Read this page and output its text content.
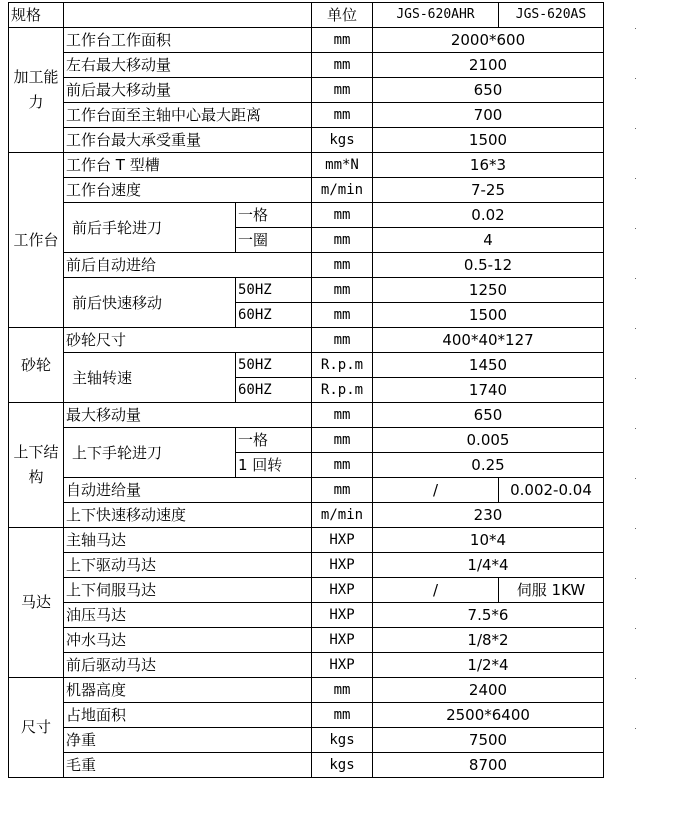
规格			单位	JGS-620AHR	JGS-620AS
加工能力	工作台工作面积		mm	2000*600	
	左右最大移动量		mm	2100	
	前后最大移动量		mm	650	
	工作台面至主轴中心最大距离		mm	700	
	工作台最大承受重量		kgs	1500	
工作台	工作台 T 型槽		mm*N	16*3	
	工作台速度		m/min	7-25	
	前后手轮进刀	一格	mm	0.02	
		一圈	mm	4	
	前后自动进给		mm	0.5-12	
	前后快速移动	50HZ	mm	1250	
		60HZ	mm	1500	
砂轮	砂轮尺寸		mm	400*40*127	
	主轴转速	50HZ	R.p.m	1450	
		60HZ	R.p.m	1740	
上下结构	最大移动量		mm	650	
	上下手轮进刀	一格	mm	0.005	
		1 回转	mm	0.25	
	自动进给量		mm	/	0.002-0.04
	上下快速移动速度		m/min	230	
马达	主轴马达		HXP	10*4	
	上下驱动马达		HXP	1/4*4	
	上下伺服马达		HXP	/	伺服 1KW
	油压马达		HXP	7.5*6	
	冲水马达		HXP	1/8*2	
	前后驱动马达		HXP	1/2*4	
尺寸	机器高度		mm	2400	
	占地面积		mm	2500*6400	
	净重		kgs	7500	
	毛重		kgs	8700	
